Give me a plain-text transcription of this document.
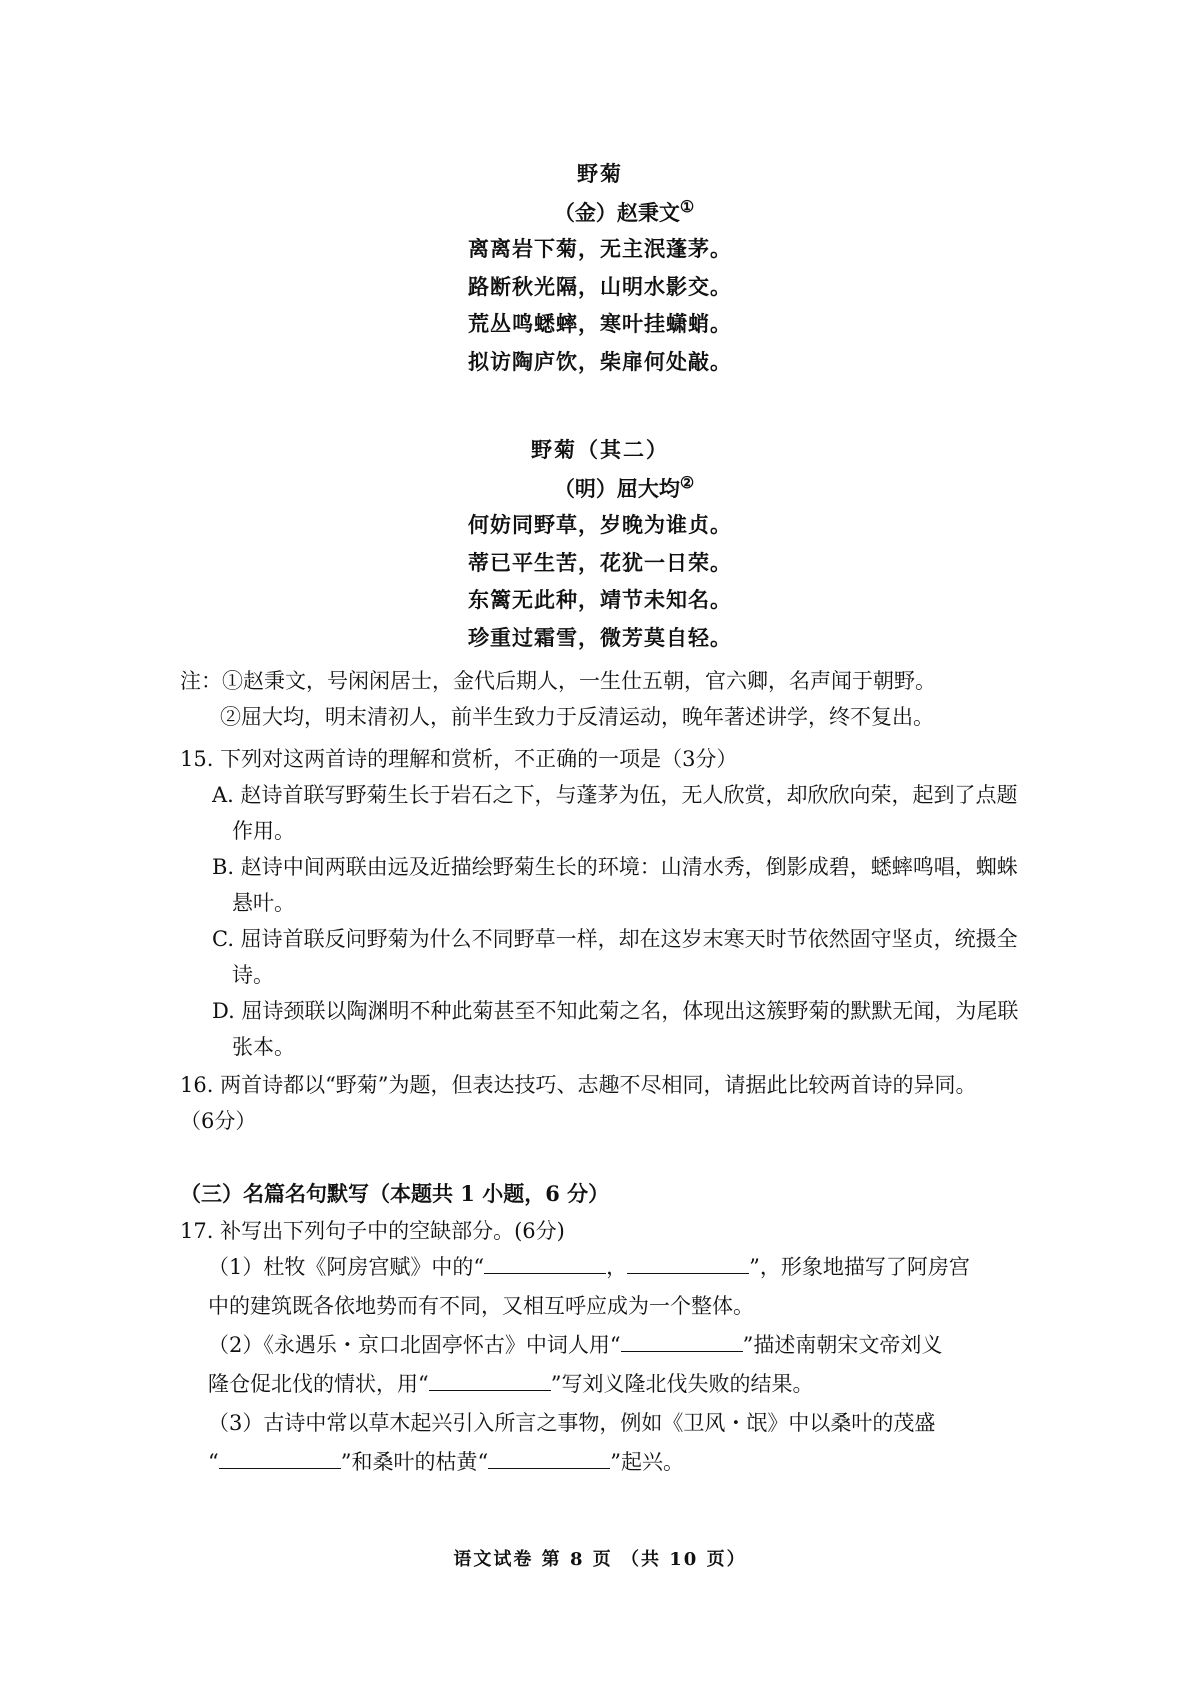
野菊
（金）赵秉文①
离离岩下菊，无主泯蓬茅。
路断秋光隔，山明水影交。
荒丛鸣蟋蟀，寒叶挂蟏蛸。
拟访陶庐饮，柴扉何处敲。
野菊（其二）
（明）屈大均②
何妨同野草，岁晚为谁贞。
蒂已平生苦，花犹一日荣。
东篱无此种，靖节未知名。
珍重过霜雪，微芳莫自轻。
注：①赵秉文，号闲闲居士，金代后期人，一生仕五朝，官六卿，名声闻于朝野。
②屈大均，明末清初人，前半生致力于反清运动，晚年著述讲学，终不复出。
15. 下列对这两首诗的理解和赏析，不正确的一项是（3分）
A. 赵诗首联写野菊生长于岩石之下，与蓬茅为伍，无人欣赏，却欣欣向荣，起到了点题作用。
B. 赵诗中间两联由远及近描绘野菊生长的环境：山清水秀，倒影成碧，蟋蟀鸣唱，蜘蛛悬叶。
C. 屈诗首联反问野菊为什么不同野草一样，却在这岁末寒天时节依然固守坚贞，统摄全诗。
D. 屈诗颈联以陶渊明不种此菊甚至不知此菊之名，体现出这簇野菊的默默无闻，为尾联张本。
16. 两首诗都以“野菊”为题，但表达技巧、志趣不尽相同，请据此比较两首诗的异同。
（6分）
（三）名篇名句默写（本题共 1 小题，6 分）
17. 补写出下列句子中的空缺部分。(6分)
（1）杜牧《阿房宫赋》中的“	，	”，形象地描写了阿房宫
中的建筑既各依地势而有不同，又相互呼应成为一个整体。
（2）《永遇乐・京口北固亭怀古》中词人用“	”描述南朝宋文帝刘义
隆仓促北伐的情状，用“	”写刘义隆北伐失败的结果。
（3）古诗中常以草木起兴引入所言之事物，例如《卫风・氓》中以桑叶的茂盛
“	”和桑叶的枯黄“	”起兴。
语文试卷 第 8 页 （共 10 页）
